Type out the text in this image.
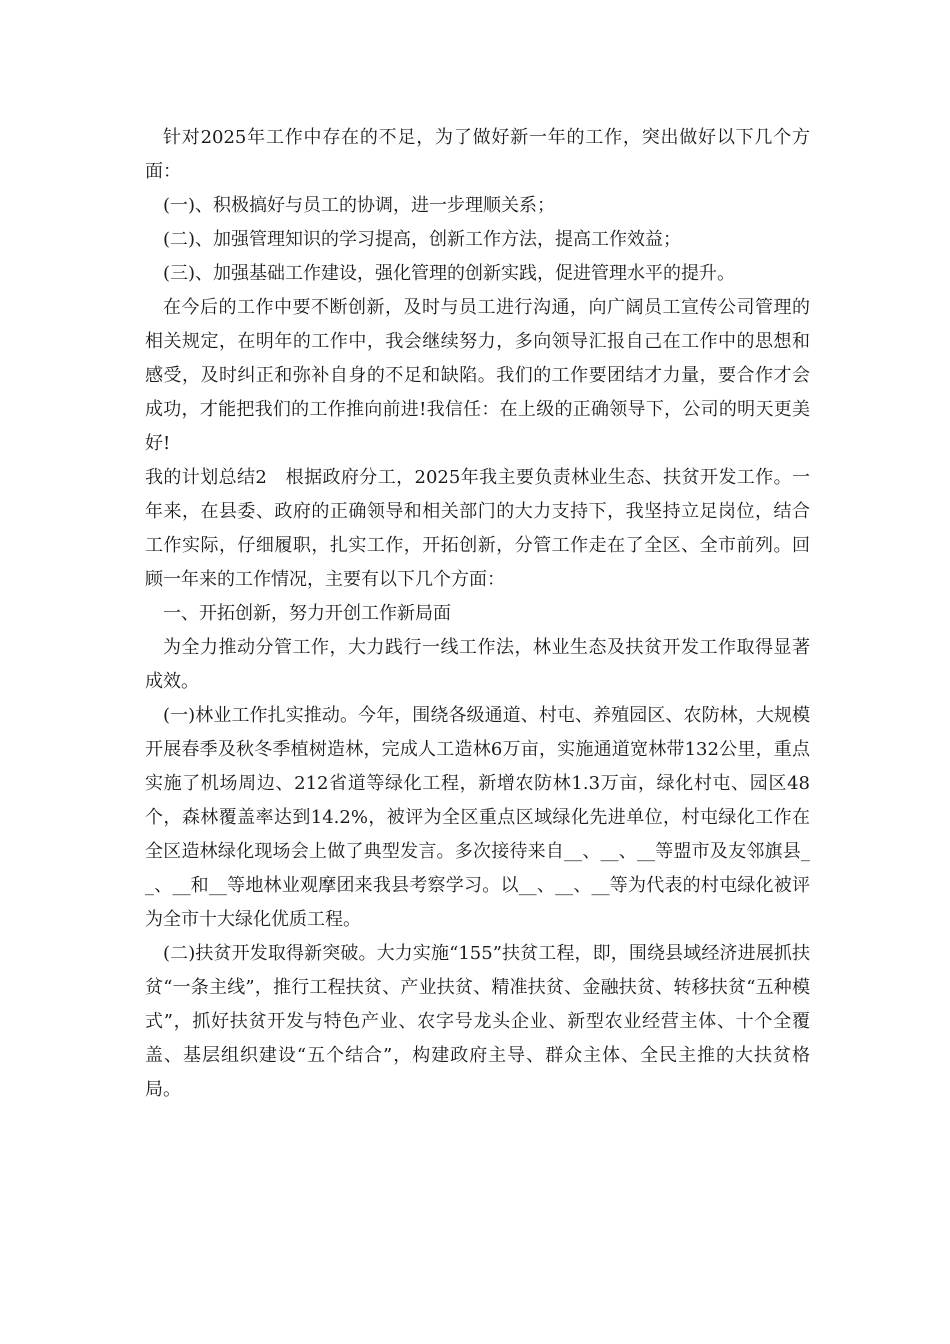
针对2025年工作中存在的不足，为了做好新一年的工作，突出做好以下几个方面：

(一)、积极搞好与员工的协调，进一步理顺关系；

(二)、加强管理知识的学习提高，创新工作方法，提高工作效益；

(三)、加强基础工作建设，强化管理的创新实践，促进管理水平的提升。

在今后的工作中要不断创新，及时与员工进行沟通，向广阔员工宣传公司管理的相关规定，在明年的工作中，我会继续努力，多向领导汇报自己在工作中的思想和感受，及时纠正和弥补自身的不足和缺陷。我们的工作要团结才力量，要合作才会成功，才能把我们的工作推向前进!我信任：在上级的正确领导下，公司的明天更美好!

我的计划总结2　根据政府分工，2025年我主要负责林业生态、扶贫开发工作。一年来，在县委、政府的正确领导和相关部门的大力支持下，我坚持立足岗位，结合工作实际，仔细履职，扎实工作，开拓创新，分管工作走在了全区、全市前列。回顾一年来的工作情况，主要有以下几个方面：

一、开拓创新，努力开创工作新局面

为全力推动分管工作，大力践行一线工作法，林业生态及扶贫开发工作取得显著成效。

(一)林业工作扎实推动。今年，围绕各级通道、村屯、养殖园区、农防林，大规模开展春季及秋冬季植树造林，完成人工造林6万亩，实施通道宽林带132公里，重点实施了机场周边、212省道等绿化工程，新增农防林1.3万亩，绿化村屯、园区48个，森林覆盖率达到14.2%，被评为全区重点区域绿化先进单位，村屯绿化工作在全区造林绿化现场会上做了典型发言。多次接待来自__、__、__等盟市及友邻旗县__、__和__等地林业观摩团来我县考察学习。以__、__、__等为代表的村屯绿化被评为全市十大绿化优质工程。

(二)扶贫开发取得新突破。大力实施“155”扶贫工程，即，围绕县域经济进展抓扶贫“一条主线”，推行工程扶贫、产业扶贫、精准扶贫、金融扶贫、转移扶贫“五种模式”，抓好扶贫开发与特色产业、农字号龙头企业、新型农业经营主体、十个全覆盖、基层组织建设“五个结合”，构建政府主导、群众主体、全民主推的大扶贫格局。
